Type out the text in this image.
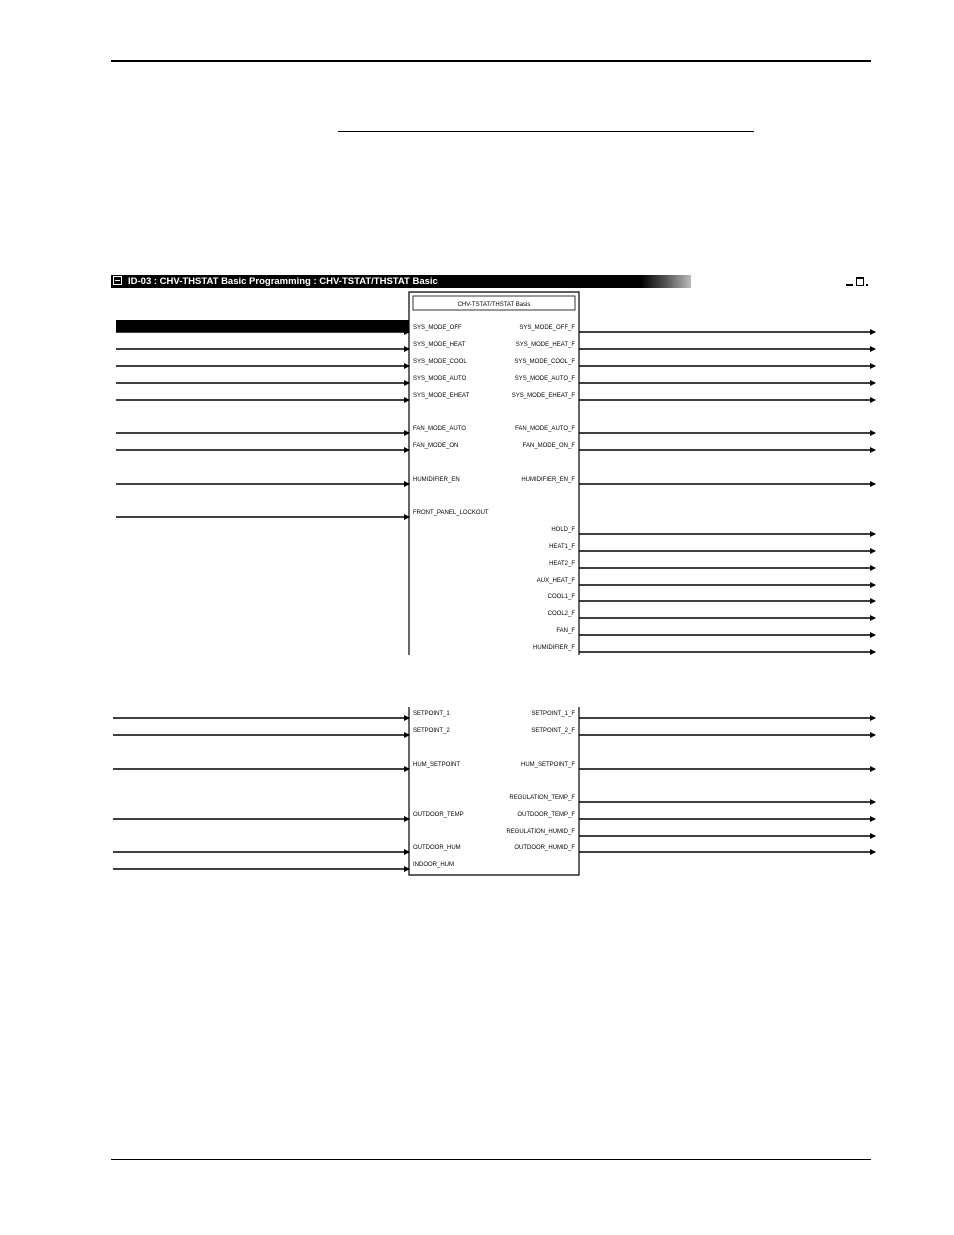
ID-03 : CHV-THSTAT Basic Programming : CHV-TSTAT/THSTAT Basic
CHV-TSTAT/THSTAT Basis
SYS_MODE_OFF
SYS_MODE_HEAT
SYS_MODE_COOL
SYS_MODE_AUTO
SYS_MODE_EHEAT
FAN_MODE_AUTO
FAN_MODE_ON
HUMIDIFIER_EN
FRONT_PANEL_LOCKOUT
SYS_MODE_OFF_F
SYS_MODE_HEAT_F
SYS_MODE_COOL_F
SYS_MODE_AUTO_F
SYS_MODE_EHEAT_F
FAN_MODE_AUTO_F
FAN_MODE_ON_F
HUMIDIFIER_EN_F
HOLD_F
HEAT1_F
HEAT2_F
AUX_HEAT_F
COOL1_F
COOL2_F
FAN_F
HUMIDIFIER_F
SETPOINT_1
SETPOINT_2
HUM_SETPOINT
OUTDOOR_TEMP
OUTDOOR_HUM
INDOOR_HUM
SETPOINT_1_F
SETPOINT_2_F
HUM_SETPOINT_F
REGULATION_TEMP_F
OUTDOOR_TEMP_F
REGULATION_HUMID_F
OUTDOOR_HUMID_F
